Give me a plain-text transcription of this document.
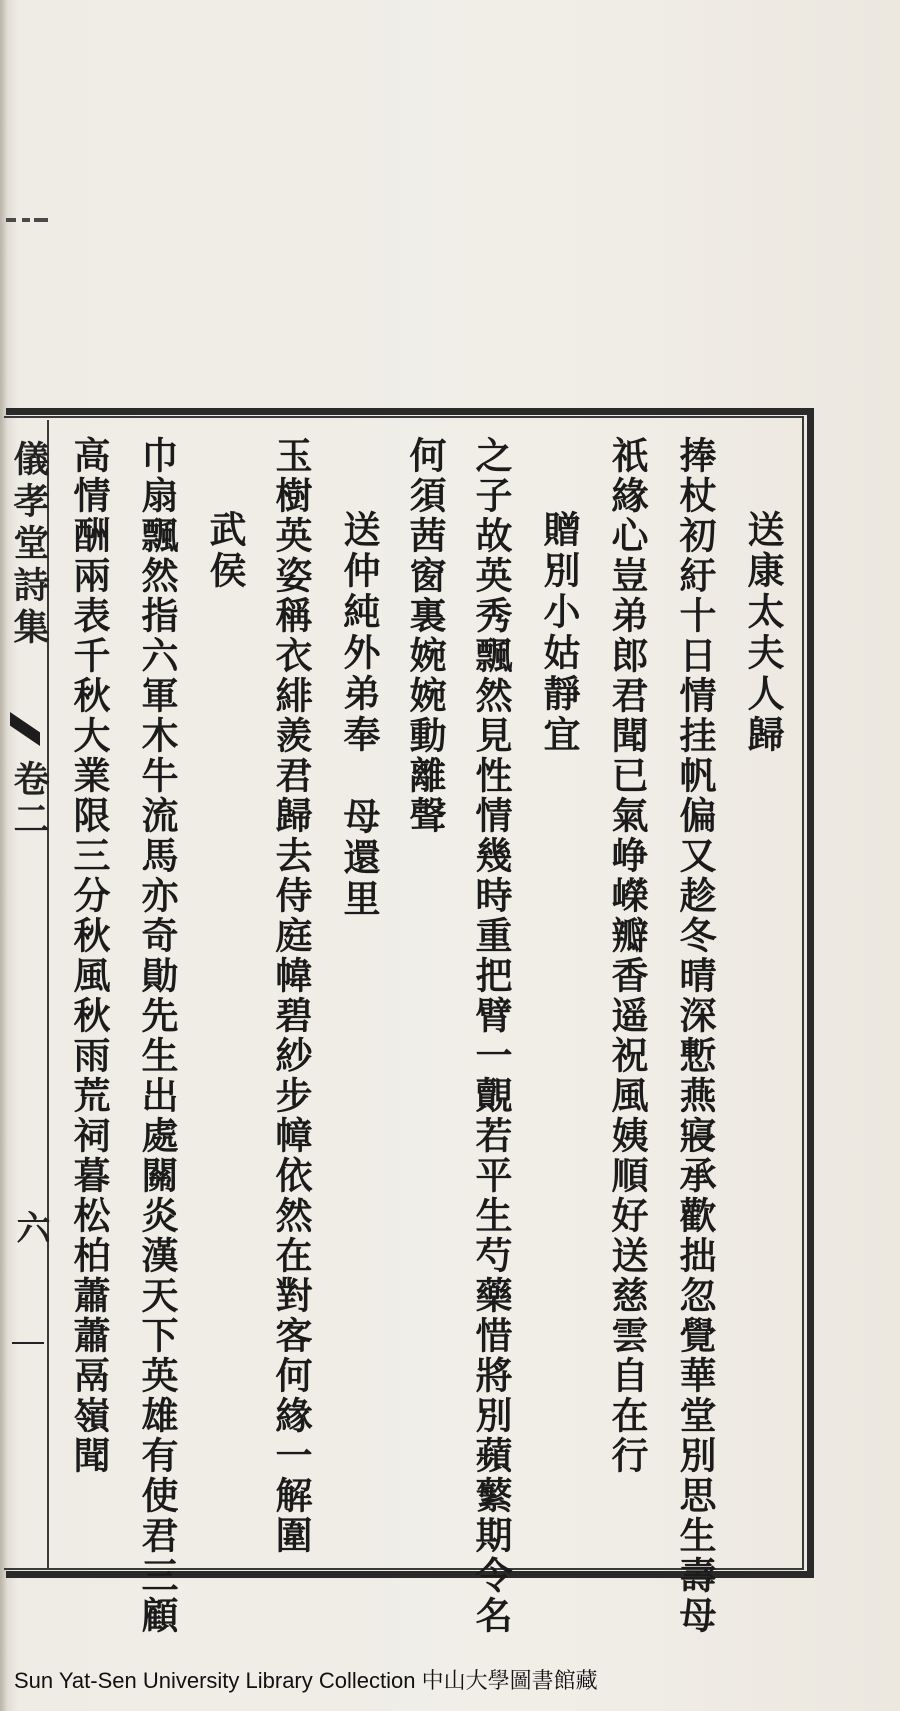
送康太夫人歸
捧杖初紆十日情挂帆偏又趁冬晴深慙燕寢承歡拙忽覺華堂別思生壽母
祇緣心豈弟郎君聞已氣峥嶸瓣香遥祝風姨順好送慈雲自在行
贈別小姑靜宜
之子故英秀飄然見性情幾時重把臂一覿若平生芍藥惜將別蘋蘩期令名
何須茜窗裏婉婉動離聲
送仲純外弟奉　母還里
玉樹英姿稱衣緋羨君歸去侍庭幃碧紗步幛依然在對客何緣一解圍
武侯
巾扇飄然指六軍木牛流馬亦奇勛先生出處關炎漢天下英雄有使君三顧
高情酬兩表千秋大業限三分秋風秋雨荒祠暮松柏蕭蕭鬲嶺聞
儀孝堂詩集
卷二
六
Sun Yat-Sen University Library Collection 中山大學圖書館藏
